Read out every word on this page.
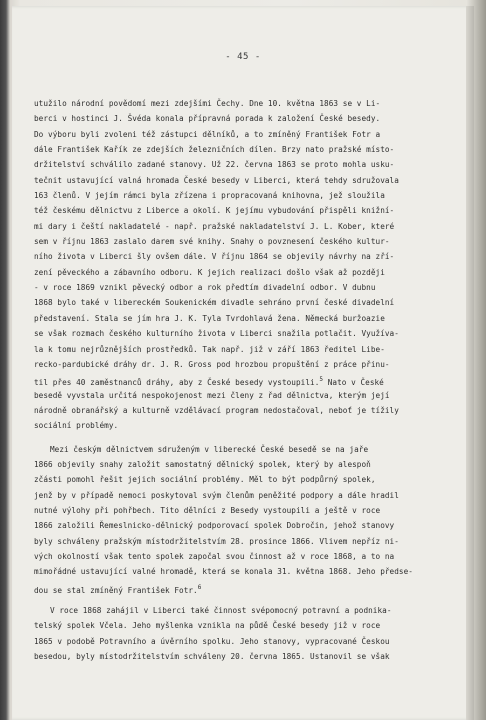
- 45 -
utužilo národní povědomí mezi zdejšími Čechy. Dne 10. května 1863 se v Li-
berci v hostinci J. Švéda konala přípravná porada k založení České besedy.
Do výboru byli zvoleni též zástupci dělníků, a to zmíněný František Fotr a
dále František Kařík ze zdejších železničních dílen. Brzy nato pražské místo-
držitelství schválilo zadané stanovy. Už 22. června 1863 se proto mohla usku-
tečnit ustavující valná hromada České besedy v Liberci, která tehdy sdružovala
163 členů. V jejím rámci byla zřízena i propracovaná knihovna, jež sloužila
též českému dělnictvu z Liberce a okolí. K jejímu vybudování přispěli knižní-
mi dary i čeští nakladatelé - např. pražské nakladatelství J. L. Kober, které
sem v říjnu 1863 zaslalo darem své knihy. Snahy o povznesení českého kultur-
ního života v Liberci šly ovšem dále. V říjnu 1864 se objevily návrhy na zří-
zení pěveckého a zábavního odboru. K jejich realizaci došlo však až později
- v roce 1869 vznikl pěvecký odbor a rok předtím divadelní odbor. V dubnu
1868 bylo také v libereckém Soukenickém divadle sehráno první české divadelní
představení. Stala se jím hra J. K. Tyla Tvrdohlavá žena. Německá buržoazie
se však rozmach českého kulturního života v Liberci snažila potlačit. Využíva-
la k tomu nejrůznějších prostředků. Tak např. již v září 1863 ředitel Libe-
recko-pardubické dráhy dr. J. R. Gross pod hrozbou propuštění z práce přinu-
til přes 40 zaměstnanců dráhy, aby z České besedy vystoupili.$^5$ Nato v České
besedě vyvstala určitá nespokojenost mezi členy z řad dělnictva, kterým její
národně obranářský a kulturně vzdělávací program nedostačoval, neboť je tížily
sociální problémy.
Mezi českým dělnictvem sdruženým v liberecké České besedě se na jaře
1866 objevily snahy založit samostatný dělnický spolek, který by alespoň
zčásti pomohl řešit jejich sociální problémy. Měl to být podpůrný spolek,
jenž by v případě nemoci poskytoval svým členům peněžité podpory a dále hradil
nutné výlohy při pohřbech. Tito dělníci z Besedy vystoupili a ještě v roce
1866 založili Řemeslnicko-dělnický podporovací spolek Dobročin, jehož stanovy
byly schváleny pražským místodržitelstvím 28. prosince 1866. Vlivem nepříz ni-
vých okolností však tento spolek započal svou činnost až v roce 1868, a to na
mimořádné ustavující valné hromadě, která se konala 31. května 1868. Jeho předse-
dou se stal zmíněný František Fotr.$^6$
V roce 1868 zahájil v Liberci také činnost svépomocný potravní a podnika-
telský spolek Včela. Jeho myšlenka vznikla na půdě České besedy již v roce
1865 v podobě Potravního a úvěrního spolku. Jeho stanovy, vypracované Českou
besedou, byly místodržitelstvím schváleny 20. června 1865. Ustanovil se však
